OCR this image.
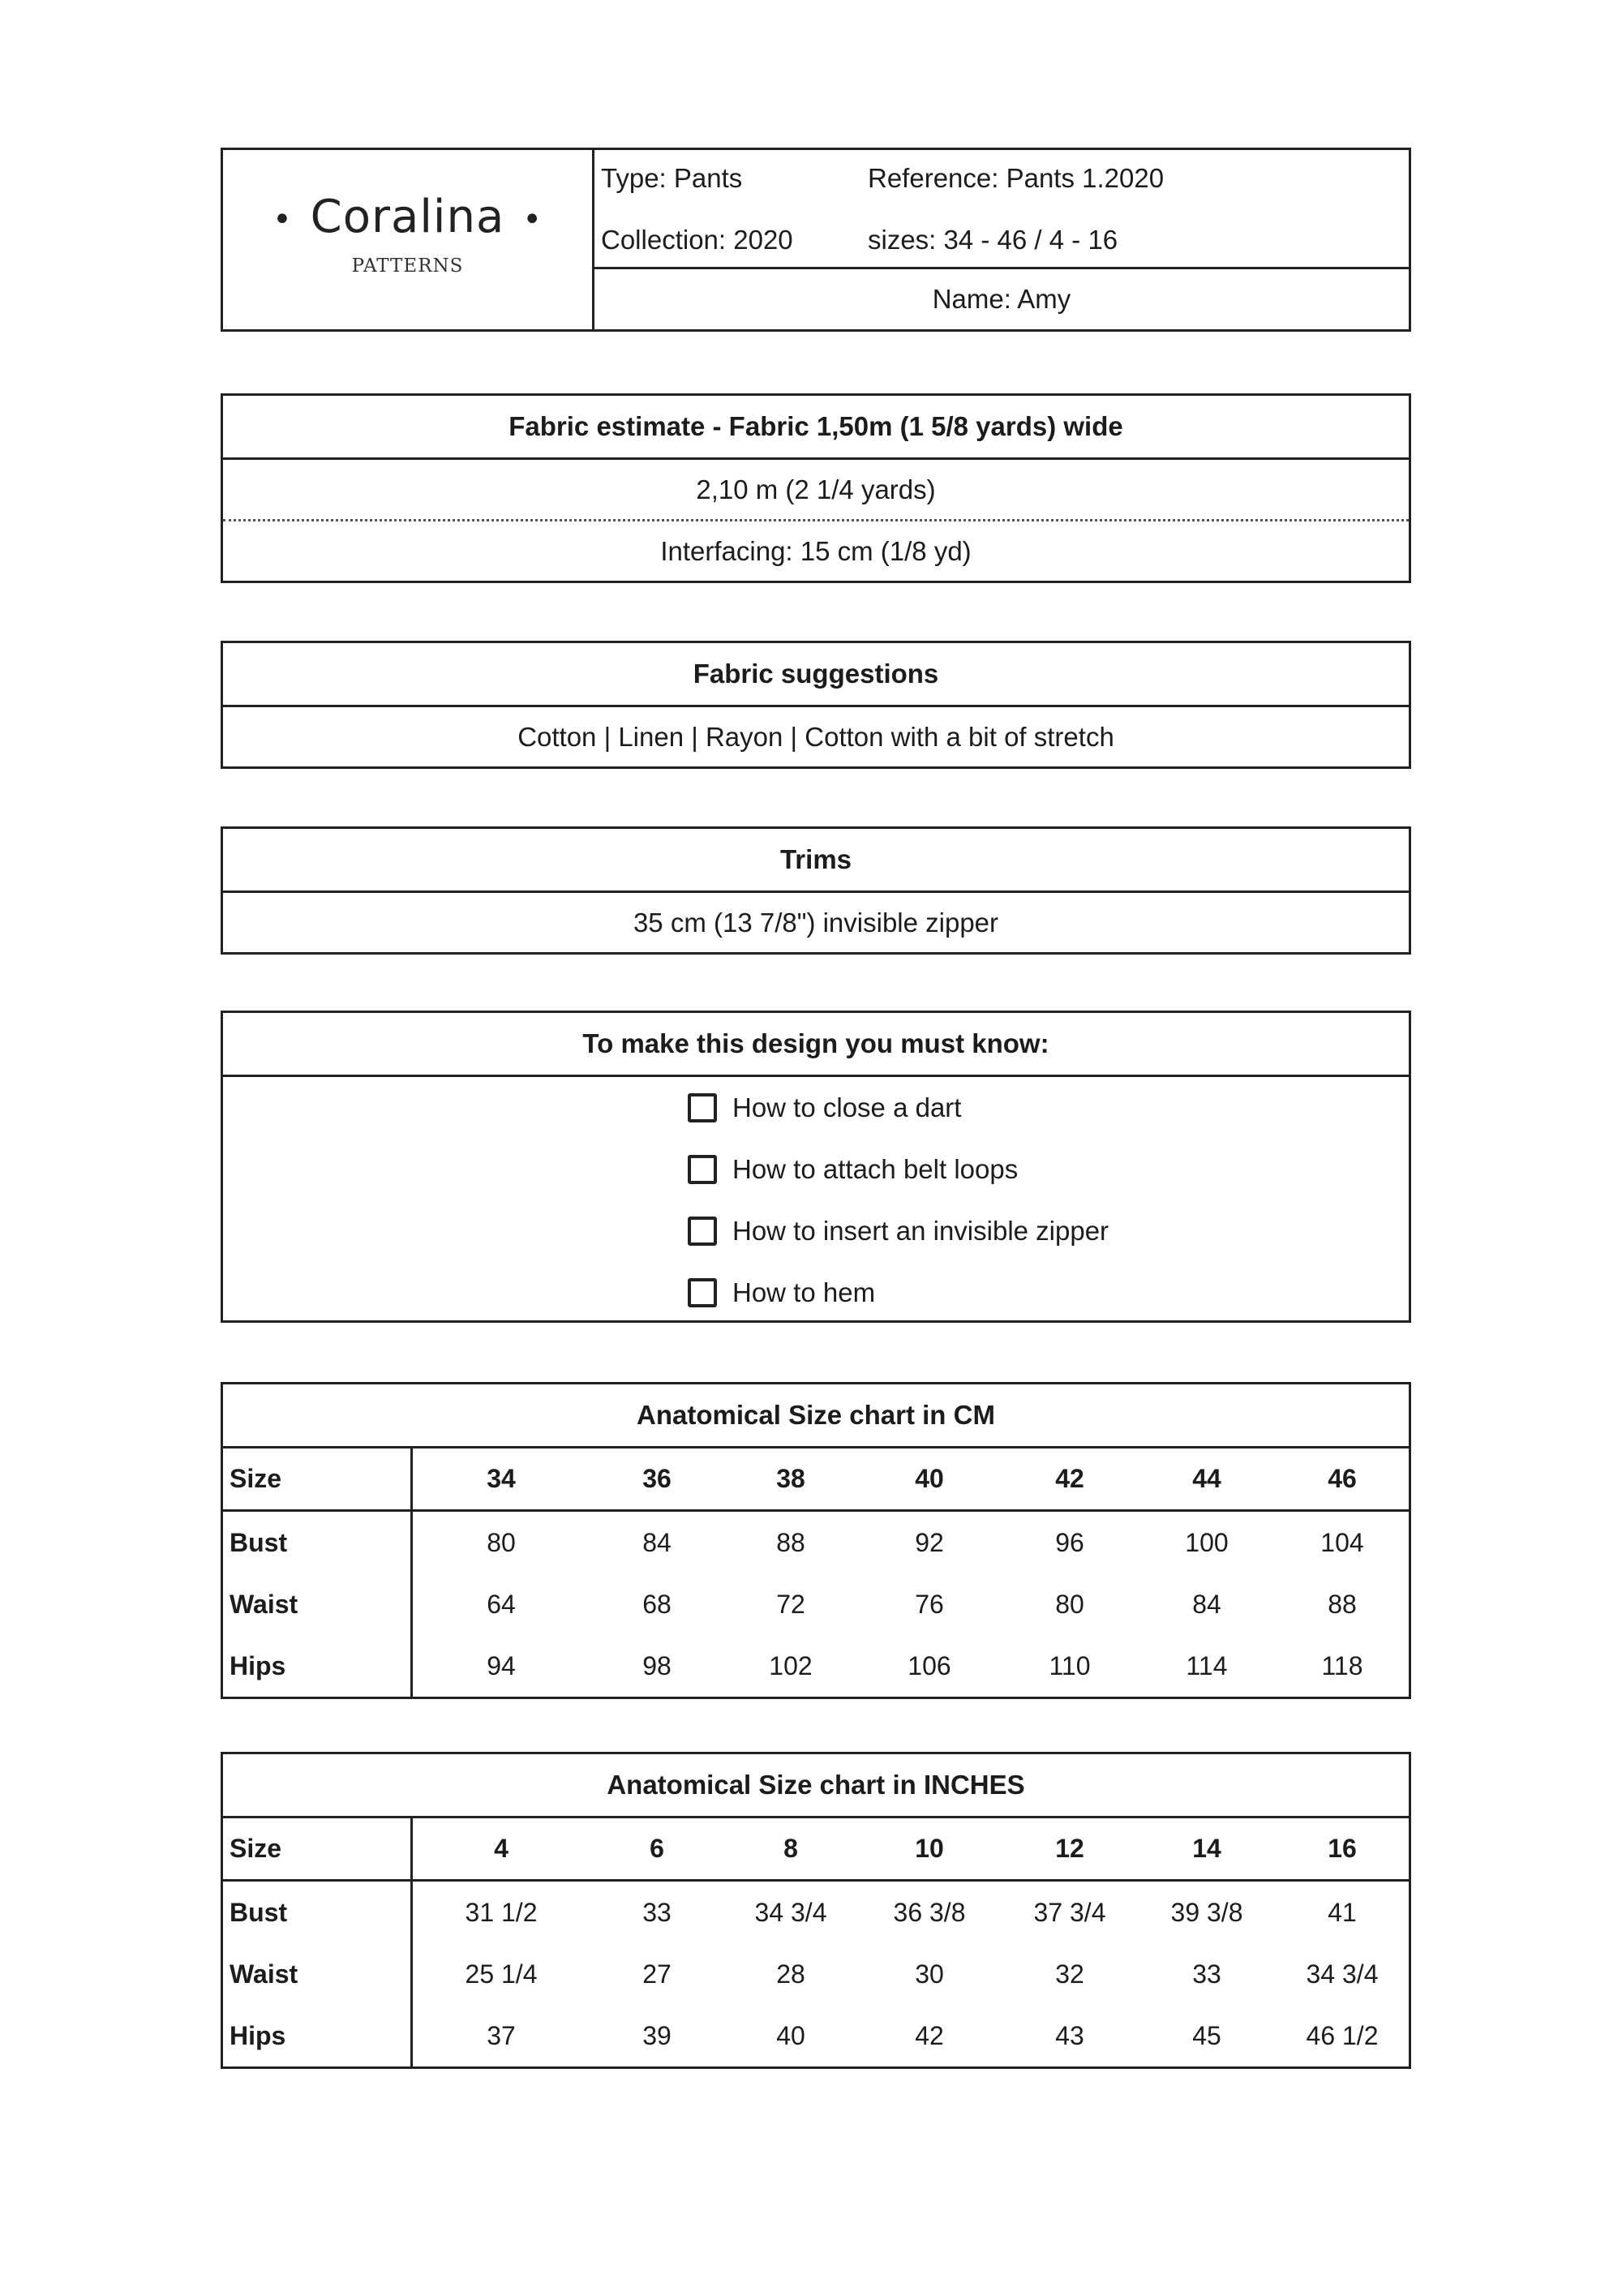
• Coralina •
PATTERNS
Type: Pants	Reference: Pants 1.2020
Collection: 2020	sizes: 34 - 46 / 4 - 16
Name: Amy
Fabric estimate - Fabric 1,50m (1 5/8 yards) wide
2,10 m (2 1/4 yards)
Interfacing: 15 cm (1/8 yd)
Fabric suggestions
Cotton | Linen | Rayon | Cotton with a bit of stretch
Trims
35 cm (13 7/8") invisible zipper
To make this design you must know:
How to close a dart
How to attach belt loops
How to insert an invisible zipper
How to hem
Anatomical Size chart in CM
Size	34	36	38	40	42	44	46
Bust	80	84	88	92	96	100	104
Waist	64	68	72	76	80	84	88
Hips	94	98	102	106	110	114	118
Anatomical Size chart in INCHES
Size	4	6	8	10	12	14	16
Bust	31 1/2	33	34 3/4	36 3/8	37 3/4	39 3/8	41
Waist	25 1/4	27	28	30	32	33	34 3/4
Hips	37	39	40	42	43	45	46 1/2
